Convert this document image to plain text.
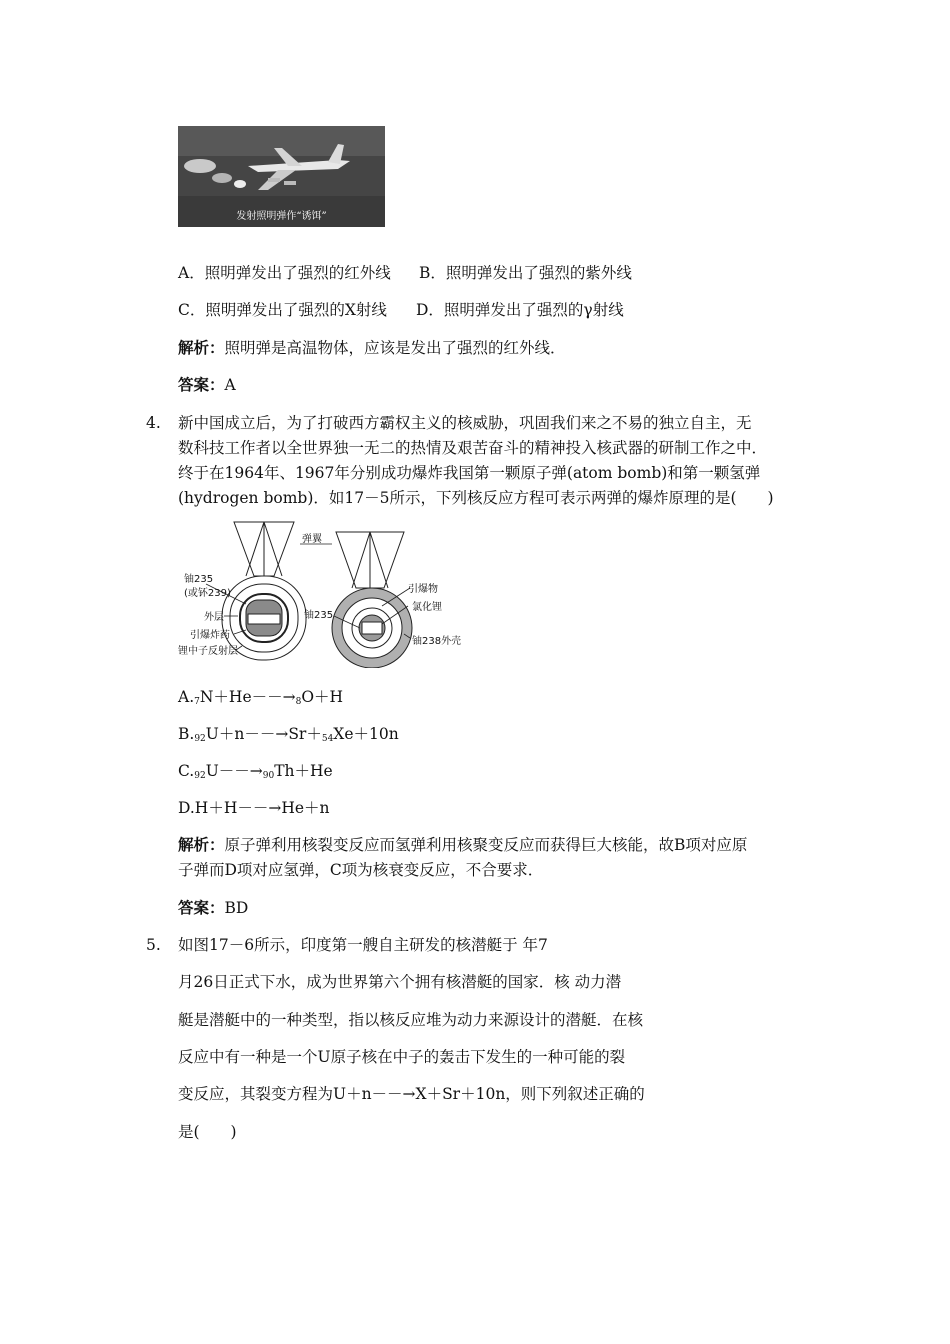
发射照明弹作“诱饵”
A．照明弹发出了强烈的红外线 B．照明弹发出了强烈的紫外线
C．照明弹发出了强烈的X射线 D．照明弹发出了强烈的γ射线
解析：照明弹是高温物体，应该是发出了强烈的红外线．
答案：A
4. 新中国成立后，为了打破西方霸权主义的核威胁，巩固我们来之不易的独立自主，无
数科技工作者以全世界独一无二的热情及艰苦奋斗的精神投入核武器的研制工作之中．
终于在1964年、1967年分别成功爆炸我国第一颗原子弹(atom bomb)和第一颗氢弹
(hydrogen bomb)．如17－5所示，下列核反应方程可表示两弹的爆炸原理的是(　　)
弹翼
铀235
(或钚239)
外层
引爆炸药
锂中子反射层
铀235
引爆物
氯化锂
铀238外壳
$A._7N+He--\to_8O+H$
$B._{92}U+n--\to Sr+_{54}Xe+10n$
$C._{92}U--\to_{90}Th+He$
D.H＋H－－→He＋n
解析：原子弹利用核裂变反应而氢弹利用核聚变反应而获得巨大核能，故B项对应原
子弹而D项对应氢弹，C项为核衰变反应，不合要求．
答案：BD
5. 如图17－6所示，印度第一艘自主研发的核潜艇于 年7
月26日正式下水，成为世界第六个拥有核潜艇的国家．核 动力潜
艇是潜艇中的一种类型，指以核反应堆为动力来源设计的潜艇．在核
反应中有一种是一个U原子核在中子的轰击下发生的一种可能的裂
变反应，其裂变方程为U＋n－－→X＋Sr＋10n，则下列叙述正确的
是(　　)
